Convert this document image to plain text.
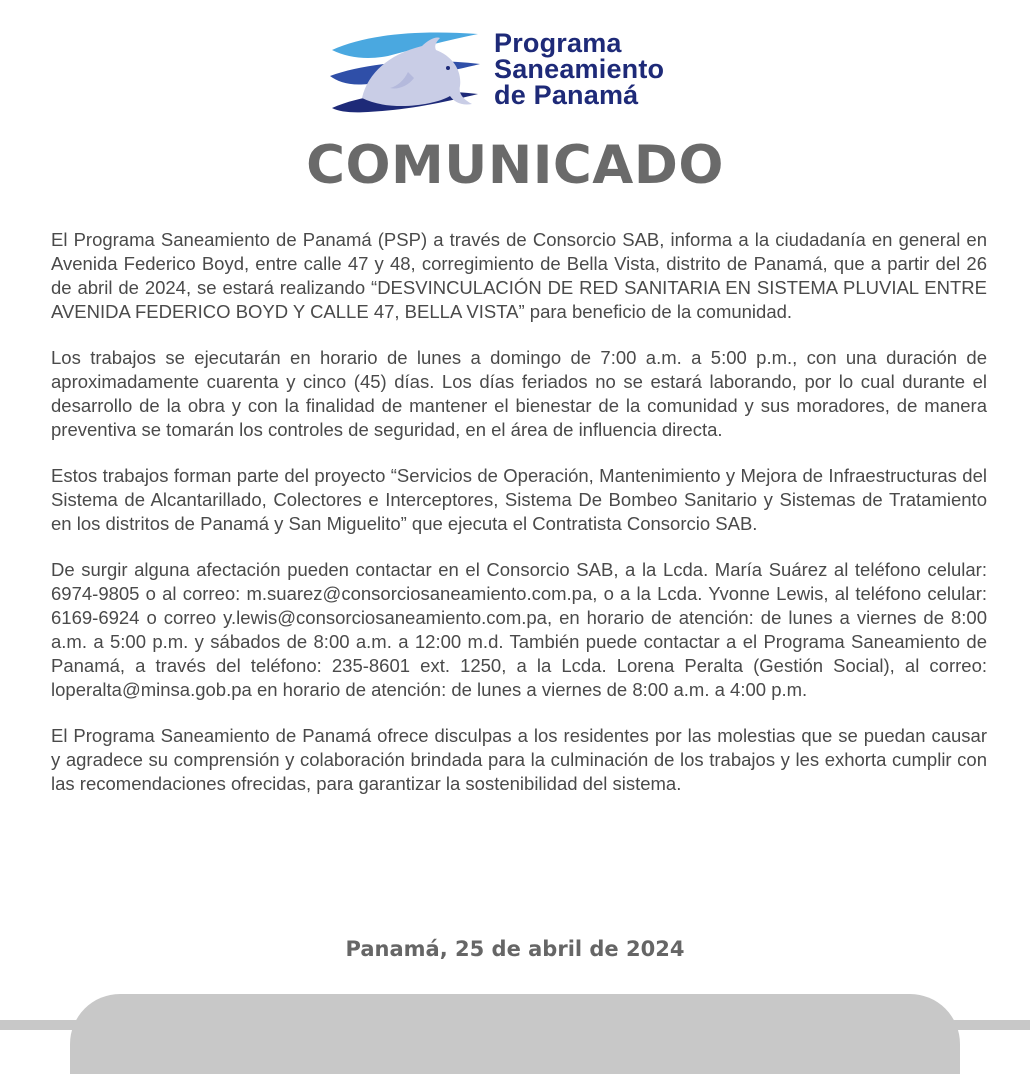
Programa
Saneamiento
de Panamá
COMUNICADO

El Programa Saneamiento de Panamá (PSP) a través de Consorcio SAB, informa a la ciudadanía en general en Avenida Federico Boyd, entre calle 47 y 48, corregimiento de Bella Vista, distrito de Panamá, que a partir del 26 de abril de 2024, se estará realizando “DESVINCULACIÓN DE RED SANITARIA EN SISTEMA PLUVIAL ENTRE AVENIDA FEDERICO BOYD Y CALLE 47, BELLA VISTA” para beneficio de la comunidad.

Los trabajos se ejecutarán en horario de lunes a domingo de 7:00 a.m. a 5:00 p.m., con una duración de aproximadamente cuarenta y cinco (45) días. Los días feriados no se estará laborando, por lo cual durante el desarrollo de la obra y con la finalidad de mantener el bienestar de la comunidad y sus moradores, de manera preventiva se tomarán los controles de seguridad, en el área de influencia directa.

Estos trabajos forman parte del proyecto “Servicios de Operación, Mantenimiento y Mejora de Infraestructuras del Sistema de Alcantarillado, Colectores e Interceptores, Sistema De Bombeo Sanitario y Sistemas de Tratamiento en los distritos de Panamá y San Miguelito” que ejecuta el Contratista Consorcio SAB.

De surgir alguna afectación pueden contactar en el Consorcio SAB, a la Lcda. María Suárez al teléfono celular: 6974-9805 o al correo: m.suarez@consorciosaneamiento.com.pa, o a la Lcda. Yvonne Lewis, al teléfono celular: 6169-6924 o correo y.lewis@consorciosaneamiento.com.pa, en horario de atención: de lunes a viernes de 8:00 a.m. a 5:00 p.m. y sábados de 8:00 a.m. a 12:00 m.d. También puede contactar a el Programa Saneamiento de Panamá, a través del teléfono: 235-8601 ext. 1250, a la Lcda. Lorena Peralta (Gestión Social), al correo: loperalta@minsa.gob.pa en horario de atención: de lunes a viernes de 8:00 a.m. a 4:00 p.m.

El Programa Saneamiento de Panamá ofrece disculpas a los residentes por las molestias que se puedan causar y agradece su comprensión y colaboración brindada para la culminación de los trabajos y les exhorta cumplir con las recomendaciones ofrecidas, para garantizar la sostenibilidad del sistema.

Panamá, 25 de abril de 2024
